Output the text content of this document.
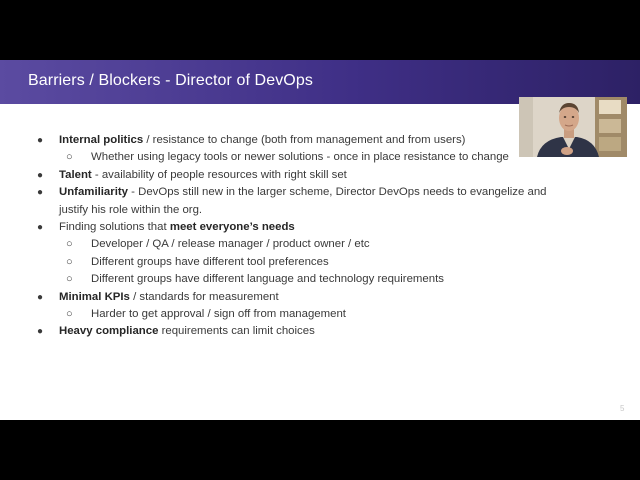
Barriers / Blockers - Director of DevOps
● Internal politics / resistance to change (both from management and from users)
○ Whether using legacy tools or newer solutions - once in place resistance to change
● Talent - availability of people resources with right skill set
● Unfamiliarity - DevOps still new in the larger scheme, Director DevOps needs to evangelize and
justify his role within the org.
● Finding solutions that meet everyone’s needs
○ Developer / QA / release manager / product owner / etc
○ Different groups have different tool preferences
○ Different groups have different language and technology requirements
● Minimal KPIs / standards for measurement
○ Harder to get approval / sign off from management
● Heavy compliance requirements can limit choices
5
